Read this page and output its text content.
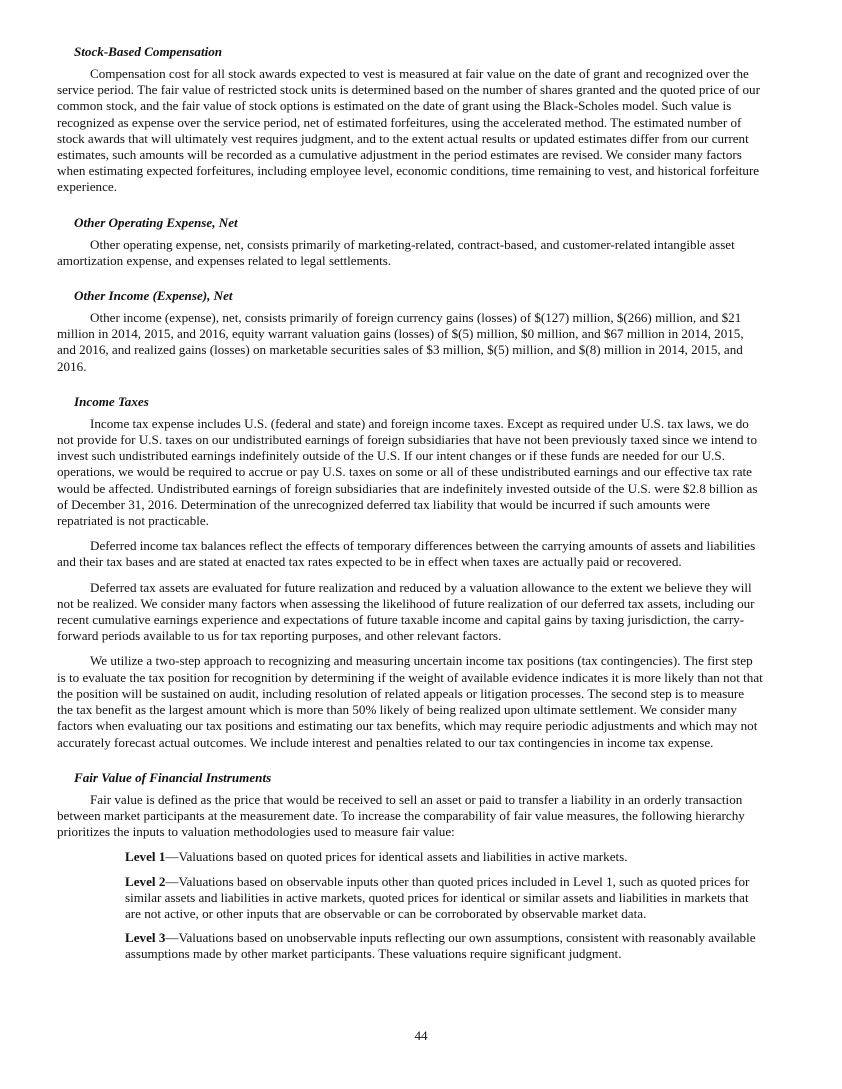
Stock-Based Compensation

Compensation cost for all stock awards expected to vest is measured at fair value on the date of grant and recognized over the service period. The fair value of restricted stock units is determined based on the number of shares granted and the quoted price of our common stock, and the fair value of stock options is estimated on the date of grant using the Black-Scholes model. Such value is recognized as expense over the service period, net of estimated forfeitures, using the accelerated method. The estimated number of stock awards that will ultimately vest requires judgment, and to the extent actual results or updated estimates differ from our current estimates, such amounts will be recorded as a cumulative adjustment in the period estimates are revised. We consider many factors when estimating expected forfeitures, including employee level, economic conditions, time remaining to vest, and historical forfeiture experience.

Other Operating Expense, Net

Other operating expense, net, consists primarily of marketing-related, contract-based, and customer-related intangible asset amortization expense, and expenses related to legal settlements.

Other Income (Expense), Net

Other income (expense), net, consists primarily of foreign currency gains (losses) of $(127) million, $(266) million, and $21 million in 2014, 2015, and 2016, equity warrant valuation gains (losses) of $(5) million, $0 million, and $67 million in 2014, 2015, and 2016, and realized gains (losses) on marketable securities sales of $3 million, $(5) million, and $(8) million in 2014, 2015, and 2016.

Income Taxes

Income tax expense includes U.S. (federal and state) and foreign income taxes. Except as required under U.S. tax laws, we do not provide for U.S. taxes on our undistributed earnings of foreign subsidiaries that have not been previously taxed since we intend to invest such undistributed earnings indefinitely outside of the U.S. If our intent changes or if these funds are needed for our U.S. operations, we would be required to accrue or pay U.S. taxes on some or all of these undistributed earnings and our effective tax rate would be affected. Undistributed earnings of foreign subsidiaries that are indefinitely invested outside of the U.S. were $2.8 billion as of December 31, 2016. Determination of the unrecognized deferred tax liability that would be incurred if such amounts were repatriated is not practicable.

Deferred income tax balances reflect the effects of temporary differences between the carrying amounts of assets and liabilities and their tax bases and are stated at enacted tax rates expected to be in effect when taxes are actually paid or recovered.

Deferred tax assets are evaluated for future realization and reduced by a valuation allowance to the extent we believe they will not be realized. We consider many factors when assessing the likelihood of future realization of our deferred tax assets, including our recent cumulative earnings experience and expectations of future taxable income and capital gains by taxing jurisdiction, the carry-forward periods available to us for tax reporting purposes, and other relevant factors.

We utilize a two-step approach to recognizing and measuring uncertain income tax positions (tax contingencies). The first step is to evaluate the tax position for recognition by determining if the weight of available evidence indicates it is more likely than not that the position will be sustained on audit, including resolution of related appeals or litigation processes. The second step is to measure the tax benefit as the largest amount which is more than 50% likely of being realized upon ultimate settlement. We consider many factors when evaluating our tax positions and estimating our tax benefits, which may require periodic adjustments and which may not accurately forecast actual outcomes. We include interest and penalties related to our tax contingencies in income tax expense.

Fair Value of Financial Instruments

Fair value is defined as the price that would be received to sell an asset or paid to transfer a liability in an orderly transaction between market participants at the measurement date. To increase the comparability of fair value measures, the following hierarchy prioritizes the inputs to valuation methodologies used to measure fair value:

Level 1—Valuations based on quoted prices for identical assets and liabilities in active markets.
Level 2—Valuations based on observable inputs other than quoted prices included in Level 1, such as quoted prices for similar assets and liabilities in active markets, quoted prices for identical or similar assets and liabilities in markets that are not active, or other inputs that are observable or can be corroborated by observable market data.
Level 3—Valuations based on unobservable inputs reflecting our own assumptions, consistent with reasonably available assumptions made by other market participants. These valuations require significant judgment.
44
